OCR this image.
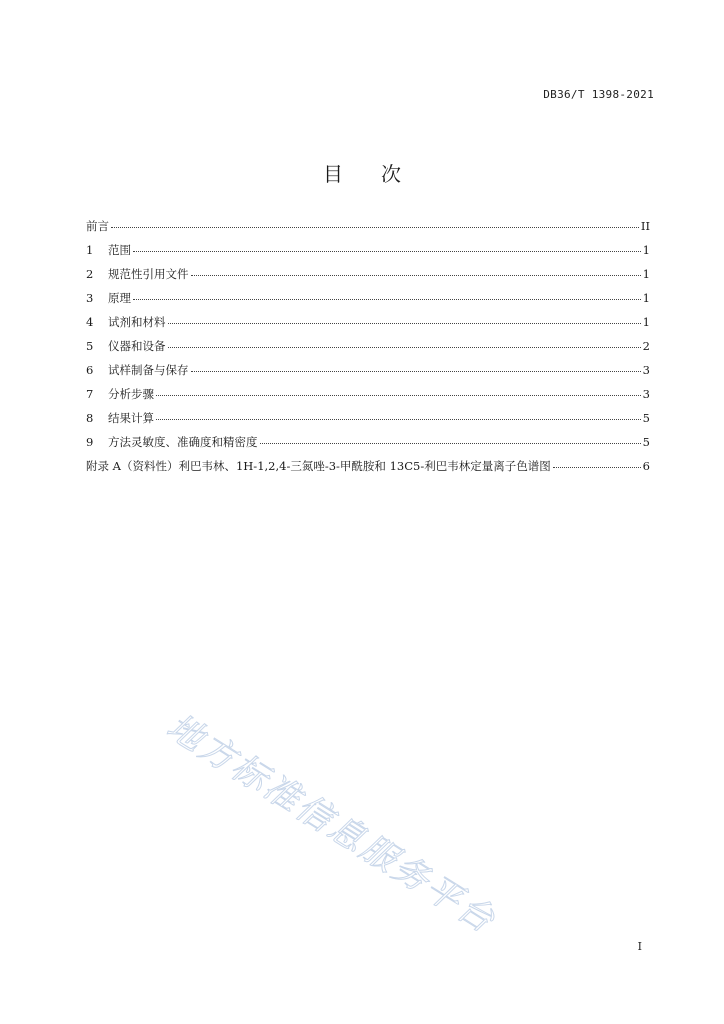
DB36/T 1398-2021
目 次
前言	II
1	范围	1
2	规范性引用文件	1
3	原理	1
4	试剂和材料	1
5	仪器和设备	2
6	试样制备与保存	3
7	分析步骤	3
8	结果计算	5
9	方法灵敏度、准确度和精密度	5
附录 A（资料性）利巴韦林、1H-1,2,4-三氮唑-3-甲酰胺和 13C5-利巴韦林定量离子色谱图	6
地方标准信息服务平台
I
